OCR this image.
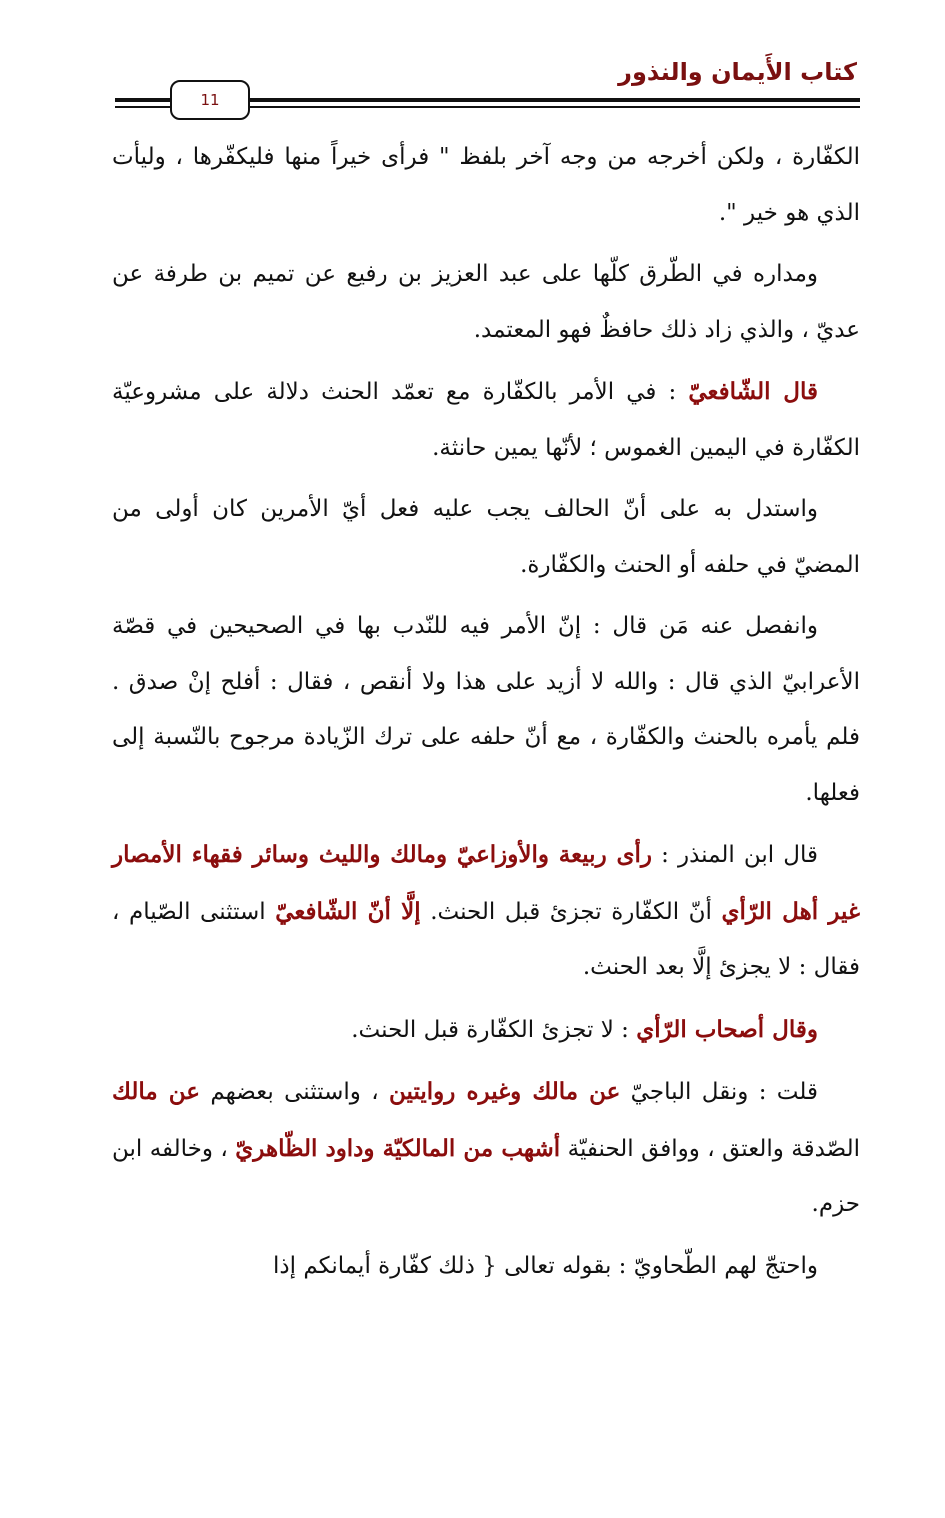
كتاب الأَيمان والنذور
11

الكفّارة ، ولكن أخرجه من وجه آخر بلفظ " فرأى خيراً منها فليكفّرها ، وليأت الذي هو خير ".

ومداره في الطّرق كلّها على عبد العزيز بن رفيع عن تميم بن طرفة عن عديّ ، والذي زاد ذلك حافظٌ فهو المعتمد.

قال الشّافعيّ : في الأمر بالكفّارة مع تعمّد الحنث دلالة على مشروعيّة الكفّارة في اليمين الغموس ؛ لأنّها يمين حانثة.

واستدل به على أنّ الحالف يجب عليه فعل أيّ الأمرين كان أولى من المضيّ في حلفه أو الحنث والكفّارة.

وانفصل عنه مَن قال : إنّ الأمر فيه للنّدب بها في الصحيحين في قصّة الأعرابيّ الذي قال : والله لا أزيد على هذا ولا أنقص ، فقال : أفلح إنْ صدق . فلم يأمره بالحنث والكفّارة ، مع أنّ حلفه على ترك الزّيادة مرجوح بالنّسبة إلى فعلها.

قال ابن المنذر : رأى ربيعة والأوزاعيّ ومالك والليث وسائر فقهاء الأمصار غير أهل الرّأي أنّ الكفّارة تجزئ قبل الحنث. إلَّا أنّ الشّافعيّ استثنى الصّيام ، فقال : لا يجزئ إلَّا بعد الحنث.

وقال أصحاب الرّأي : لا تجزئ الكفّارة قبل الحنث.

قلت : ونقل الباجيّ عن مالك وغيره روايتين ، واستثنى بعضهم عن مالك الصّدقة والعتق ، ووافق الحنفيّة أشهب من المالكيّة وداود الظّاهريّ ، وخالفه ابن حزم.

واحتجّ لهم الطّحاويّ : بقوله تعالى { ذلك كفّارة أيمانكم إذا
